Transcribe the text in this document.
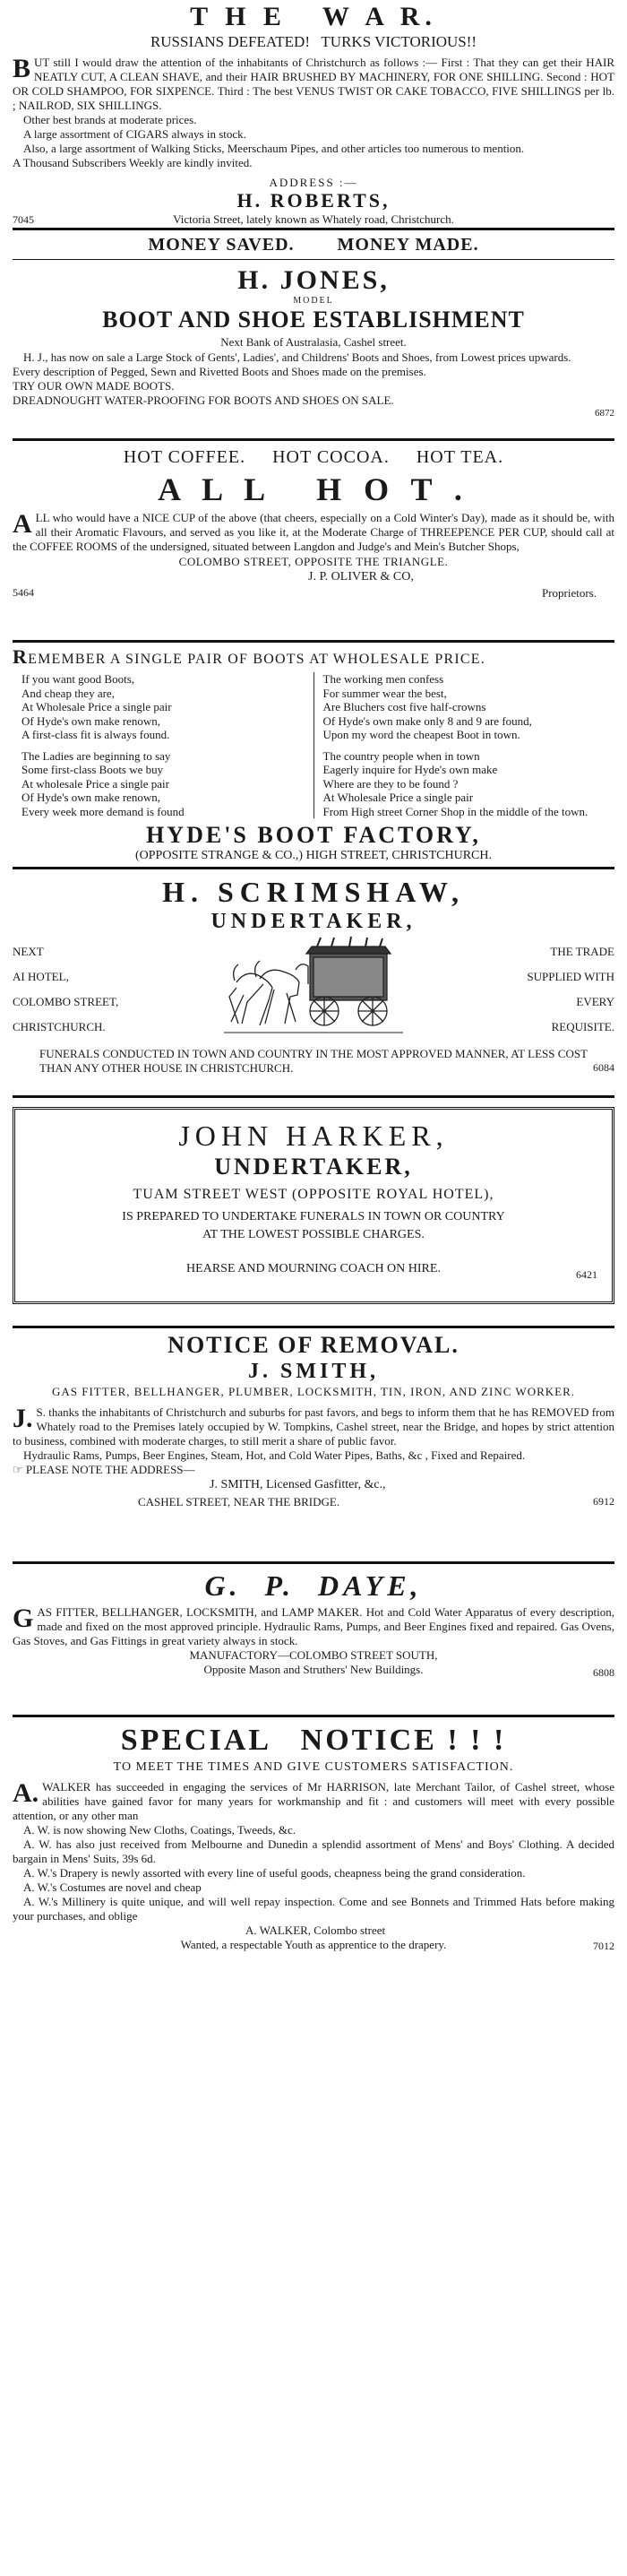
T H E   W A R.
RUSSIANS DEFEATED!   TURKS VICTORIOUS!!

BUT still I would draw the attention of the inhabitants of Christchurch as follows :— First : That they can get their HAIR NEATLY CUT, A CLEAN SHAVE, and their HAIR BRUSHED BY MACHINERY, FOR ONE SHILLING. Second : HOT OR COLD SHAMPOO, FOR SIXPENCE. Third : The best VENUS TWIST OR CAKE TOBACCO, FIVE SHILLINGS per lb. ; NAILROD, SIX SHILLINGS.

Other best brands at moderate prices.

A large assortment of CIGARS always in stock.

Also, a large assortment of Walking Sticks, Meerschaum Pipes, and other articles too numerous to mention.

A Thousand Subscribers Weekly are kindly invited.

ADDRESS :—
H. ROBERTS,
7045	Victoria Street, lately known as Whately road, Christchurch.
MONEY SAVED.        MONEY MADE.
H. JONES,
MODEL
BOOT AND SHOE ESTABLISHMENT
Next Bank of Australasia, Cashel street.

H. J., has now on sale a Large Stock of Gents', Ladies', and Childrens' Boots and Shoes, from Lowest prices upwards.

Every description of Pegged, Sewn and Rivetted Boots and Shoes made on the premises.

TRY OUR OWN MADE BOOTS.

DREADNOUGHT WATER-PROOFING FOR BOOTS AND SHOES ON SALE.

6872
HOT COFFEE.     HOT COCOA.     HOT TEA.
A L L   H O T .

ALL who would have a NICE CUP of the above (that cheers, especially on a Cold Winter's Day), made as it should be, with all their Aromatic Flavours, and served as you like it, at the Moderate Charge of THREEPENCE PER CUP, should call at the COFFEE ROOMS of the undersigned, situated between Langdon and Judge's and Mein's Butcher Shops,

COLOMBO STREET, OPPOSITE THE TRIANGLE.
5464
J. P. OLIVER & CO,
Proprietors.
REMEMBER A SINGLE PAIR OF BOOTS AT WHOLESALE PRICE.
If you want good Boots,
And cheap they are,
At Wholesale Price a single pair
Of Hyde's own make renown,
A first-class fit is always found.
The Ladies are beginning to say
Some first-class Boots we buy
At wholesale Price a single pair
Of Hyde's own make renown,
Every week more demand is found
The working men confess
For summer wear the best,
Are Bluchers cost five half-crowns
Of Hyde's own make only 8 and 9 are found,
Upon my word the cheapest Boot in town.
The country people when in town
Eagerly inquire for Hyde's own make
Where are they to be found ?
At Wholesale Price a single pair
From High street Corner Shop in the middle of the town.
HYDE'S BOOT FACTORY,
(OPPOSITE STRANGE & CO.,) HIGH STREET, CHRISTCHURCH.
H. SCRIMSHAW,
UNDERTAKER,
NEXT
AI HOTEL,
COLOMBO STREET,
CHRISTCHURCH.
THE TRADE
SUPPLIED WITH
EVERY
REQUISITE.

FUNERALS CONDUCTED IN TOWN AND COUNTRY IN THE MOST APPROVED MANNER, AT LESS COST THAN ANY OTHER HOUSE IN CHRISTCHURCH.	6084
JOHN HARKER,
UNDERTAKER,
TUAM STREET WEST (OPPOSITE ROYAL HOTEL),
IS PREPARED TO UNDERTAKE FUNERALS IN TOWN OR COUNTRY
AT THE LOWEST POSSIBLE CHARGES.
HEARSE AND MOURNING COACH ON HIRE.	6421
NOTICE OF REMOVAL.
J. SMITH,
GAS FITTER, BELLHANGER, PLUMBER, LOCKSMITH, TIN, IRON, AND ZINC WORKER.

J. S. thanks the inhabitants of Christchurch and suburbs for past favors, and begs to inform them that he has REMOVED from Whately road to the Premises lately occupied by W. Tompkins, Cashel street, near the Bridge, and hopes by strict attention to business, combined with moderate charges, to still merit a share of public favor.

Hydraulic Rams, Pumps, Beer Engines, Steam, Hot, and Cold Water Pipes, Baths, &c , Fixed and Repaired.

☞ PLEASE NOTE THE ADDRESS—

J. SMITH, Licensed Gasfitter, &c.,
CASHEL STREET, NEAR THE BRIDGE.	6912
G.  P.  DAYE,

GAS FITTER, BELLHANGER, LOCKSMITH, and LAMP MAKER. Hot and Cold Water Apparatus of every description, made and fixed on the most approved principle. Hydraulic Rams, Pumps, and Beer Engines fixed and repaired. Gas Ovens, Gas Stoves, and Gas Fittings in great variety always in stock.

MANUFACTORY—COLOMBO STREET SOUTH,
Opposite Mason and Struthers' New Buildings.	6808
SPECIAL   NOTICE ! ! !
TO MEET THE TIMES AND GIVE CUSTOMERS SATISFACTION.

A. WALKER has succeeded in engaging the services of Mr HARRISON, late Merchant Tailor, of Cashel street, whose abilities have gained favor for many years for workmanship and fit : and customers will meet with every possible attention, or any other man

A. W. is now showing New Cloths, Coatings, Tweeds, &c.

A. W. has also just received from Melbourne and Dunedin a splendid assortment of Mens' and Boys' Clothing. A decided bargain in Mens' Suits, 39s 6d.

A. W.'s Drapery is newly assorted with every line of useful goods, cheapness being the grand consideration.

A. W.'s Costumes are novel and cheap

A. W.'s Millinery is quite unique, and will well repay inspection. Come and see Bonnets and Trimmed Hats before making your purchases, and oblige

A. WALKER, Colombo street
Wanted, a respectable Youth as apprentice to the drapery.	7012
